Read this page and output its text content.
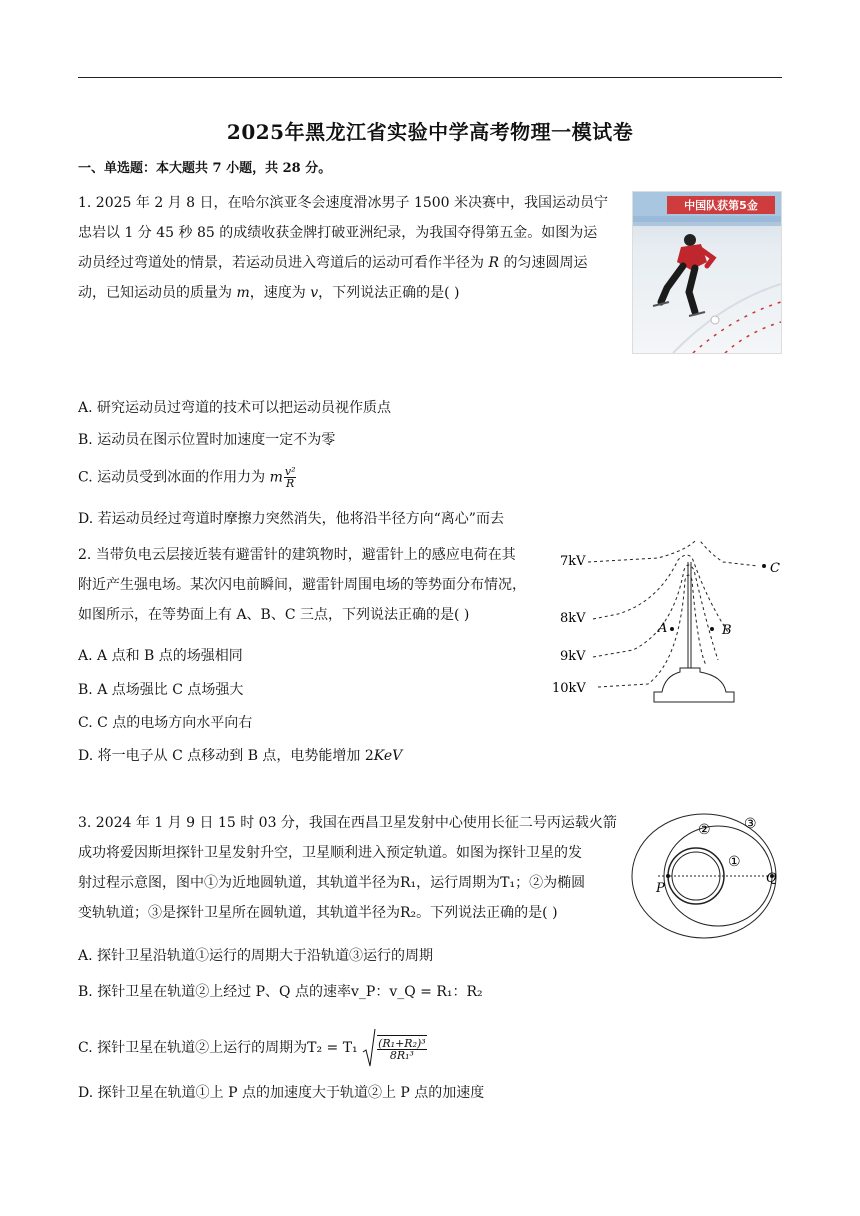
2025年黑龙江省实验中学高考物理一模试卷
一、单选题：本大题共 7 小题，共 28 分。
1. 2025 年 2 月 8 日，在哈尔滨亚冬会速度滑冰男子 1500 米决赛中，我国运动员宁
忠岩以 1 分 45 秒 85 的成绩收获金牌打破亚洲纪录，为我国夺得第五金。如图为运
动员经过弯道处的情景，若运动员进入弯道后的运动可看作半径为 R 的匀速圆周运
动，已知运动员的质量为 m，速度为 v，下列说法正确的是( )
中国队获第5金
A. 研究运动员过弯道的技术可以把运动员视作质点
B. 运动员在图示位置时加速度一定不为零
C. 运动员受到冰面的作用力为 m $\frac{\text{v²}}{R}$
D. 若运动员经过弯道时摩擦力突然消失，他将沿半径方向“离心”而去
2. 当带负电云层接近装有避雷针的建筑物时，避雷针上的感应电荷在其
附近产生强电场。某次闪电前瞬间，避雷针周围电场的等势面分布情况，
如图所示，在等势面上有 A、B、C 三点，下列说法正确的是( )
A. A 点和 B 点的场强相同
B. A 点场强比 C 点场强大
C. C 点的电场方向水平向右
D. 将一电子从 C 点移动到 B 点，电势能增加 2KeV
7kV
8kV
9kV
10kV
A	B
C
3. 2024 年 1 月 9 日 15 时 03 分，我国在西昌卫星发射中心使用长征二号丙运载火箭
成功将爱因斯坦探针卫星发射升空，卫星顺利进入预定轨道。如图为探针卫星的发
射过程示意图，图中①为近地圆轨道，其轨道半径为R₁，运行周期为T₁；②为椭圆
变轨轨道；③是探针卫星所在圆轨道，其轨道半径为R₂。下列说法正确的是( )
A. 探针卫星沿轨道①运行的周期大于沿轨道③运行的周期
B. 探针卫星在轨道②上经过 P、Q 点的速率v_P：v_Q = R₁：R₂
C. 探针卫星在轨道②上运行的周期为$T_2 = T_1 \frac{\text{(R₁+R₂)³}}{\text{8R₁³}}$
D. 探针卫星在轨道①上 P 点的加速度大于轨道②上 P 点的加速度
①
② ③
P
Q
